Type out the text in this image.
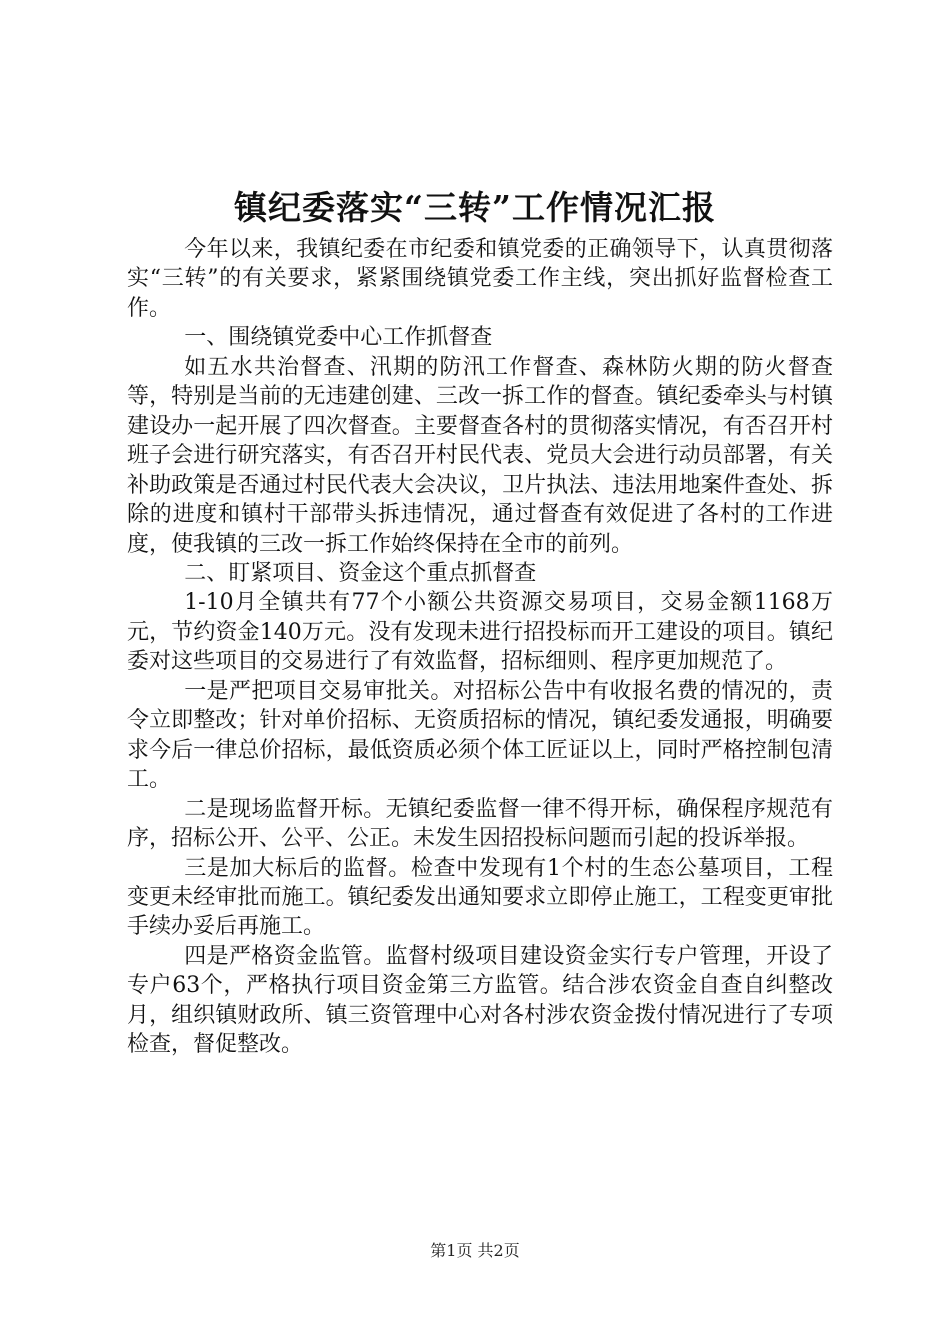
镇纪委落实“三转”工作情况汇报

今年以来，我镇纪委在市纪委和镇党委的正确领导下，认真贯彻落实“三转”的有关要求，紧紧围绕镇党委工作主线，突出抓好监督检查工作。

一、围绕镇党委中心工作抓督查

如五水共治督查、汛期的防汛工作督查、森林防火期的防火督查等，特别是当前的无违建创建、三改一拆工作的督查。镇纪委牵头与村镇建设办一起开展了四次督查。主要督查各村的贯彻落实情况，有否召开村班子会进行研究落实，有否召开村民代表、党员大会进行动员部署，有关补助政策是否通过村民代表大会决议，卫片执法、违法用地案件查处、拆除的进度和镇村干部带头拆违情况，通过督查有效促进了各村的工作进度，使我镇的三改一拆工作始终保持在全市的前列。

二、盯紧项目、资金这个重点抓督查

1-10月全镇共有77个小额公共资源交易项目，交易金额1168万元，节约资金140万元。没有发现未进行招投标而开工建设的项目。镇纪委对这些项目的交易进行了有效监督，招标细则、程序更加规范了。

一是严把项目交易审批关。对招标公告中有收报名费的情况的，责令立即整改；针对单价招标、无资质招标的情况，镇纪委发通报，明确要求今后一律总价招标，最低资质必须个体工匠证以上，同时严格控制包清工。

二是现场监督开标。无镇纪委监督一律不得开标，确保程序规范有序，招标公开、公平、公正。未发生因招投标问题而引起的投诉举报。

三是加大标后的监督。检查中发现有1个村的生态公墓项目，工程变更未经审批而施工。镇纪委发出通知要求立即停止施工，工程变更审批手续办妥后再施工。

四是严格资金监管。监督村级项目建设资金实行专户管理，开设了专户63个，严格执行项目资金第三方监管。结合涉农资金自查自纠整改月，组织镇财政所、镇三资管理中心对各村涉农资金拨付情况进行了专项检查，督促整改。

第1页 共2页
